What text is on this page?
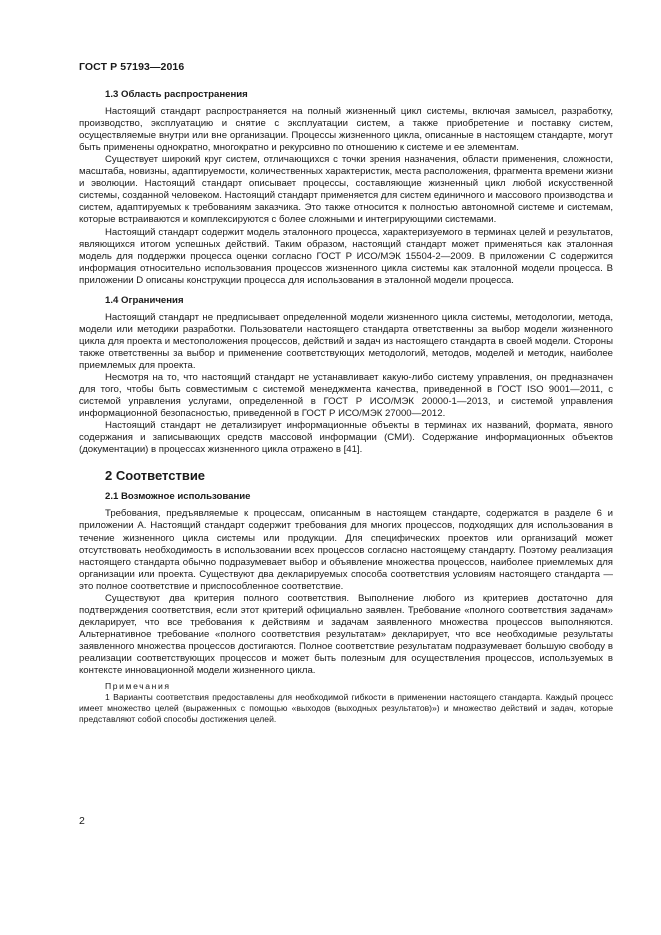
ГОСТ Р 57193—2016
1.3 Область распространения

Настоящий стандарт распространяется на полный жизненный цикл системы, включая замысел, разработку, производство, эксплуатацию и снятие с эксплуатации систем, а также приобретение и поставку систем, осуществляемые внутри или вне организации. Процессы жизненного цикла, описанные в настоящем стандарте, могут быть применены однократно, многократно и рекурсивно по отношению к системе и ее элементам.

Существует широкий круг систем, отличающихся с точки зрения назначения, области применения, сложности, масштаба, новизны, адаптируемости, количественных характеристик, места расположения, фрагмента времени жизни и эволюции. Настоящий стандарт описывает процессы, составляющие жизненный цикл любой искусственной системы, созданной человеком. Настоящий стандарт применяется для систем единичного и массового производства и систем, адаптируемых к требованиям заказчика. Это также относится к полностью автономной системе и системам, которые встраиваются и комплексируются с более сложными и интегрирующими системами.

Настоящий стандарт содержит модель эталонного процесса, характеризуемого в терминах целей и результатов, являющихся итогом успешных действий. Таким образом, настоящий стандарт может применяться как эталонная модель для поддержки процесса оценки согласно ГОСТ Р ИСО/МЭК 15504-2—2009. В приложении С содержится информация относительно использования процессов жизненного цикла системы как эталонной модели процесса. В приложении D описаны конструкции процесса для использования в эталонной модели процесса.

1.4 Ограничения

Настоящий стандарт не предписывает определенной модели жизненного цикла системы, методологии, метода, модели или методики разработки. Пользователи настоящего стандарта ответственны за выбор модели жизненного цикла для проекта и местоположения процессов, действий и задач из настоящего стандарта в своей модели. Стороны также ответственны за выбор и применение соответствующих методологий, методов, моделей и методик, наиболее приемлемых для проекта.

Несмотря на то, что настоящий стандарт не устанавливает какую-либо систему управления, он предназначен для того, чтобы быть совместимым с системой менеджмента качества, приведенной в ГОСТ ISO 9001—2011, с системой управления услугами, определенной в ГОСТ Р ИСО/МЭК 20000-1—2013, и системой управления информационной безопасностью, приведенной в ГОСТ Р ИСО/МЭК 27000—2012.

Настоящий стандарт не детализирует информационные объекты в терминах их названий, формата, явного содержания и записывающих средств массовой информации (СМИ). Содержание информационных объектов (документации) в процессах жизненного цикла отражено в [41].

2 Соответствие
2.1 Возможное использование

Требования, предъявляемые к процессам, описанным в настоящем стандарте, содержатся в разделе 6 и приложении А. Настоящий стандарт содержит требования для многих процессов, подходящих для использования в течение жизненного цикла системы или продукции. Для специфических проектов или организаций может отсутствовать необходимость в использовании всех процессов согласно настоящему стандарту. Поэтому реализация настоящего стандарта обычно подразумевает выбор и объявление множества процессов, наиболее приемлемых для организации или проекта. Существуют два декларируемых способа соответствия условиям настоящего стандарта — это полное соответствие и приспособленное соответствие.

Существуют два критерия полного соответствия. Выполнение любого из критериев достаточно для подтверждения соответствия, если этот критерий официально заявлен. Требование «полного соответствия задачам» декларирует, что все требования к действиям и задачам заявленного множества процессов выполняются. Альтернативное требование «полного соответствия результатам» декларирует, что все необходимые результаты заявленного множества процессов достигаются. Полное соответствие результатам подразумевает большую свободу в реализации соответствующих процессов и может быть полезным для осуществления процессов, используемых в контексте инновационной модели жизненного цикла.

Примечания

1 Варианты соответствия предоставлены для необходимой гибкости в применении настоящего стандарта. Каждый процесс имеет множество целей (выраженных с помощью «выходов (выходных результатов)») и множество действий и задач, которые представляют собой способы достижения целей.

2
